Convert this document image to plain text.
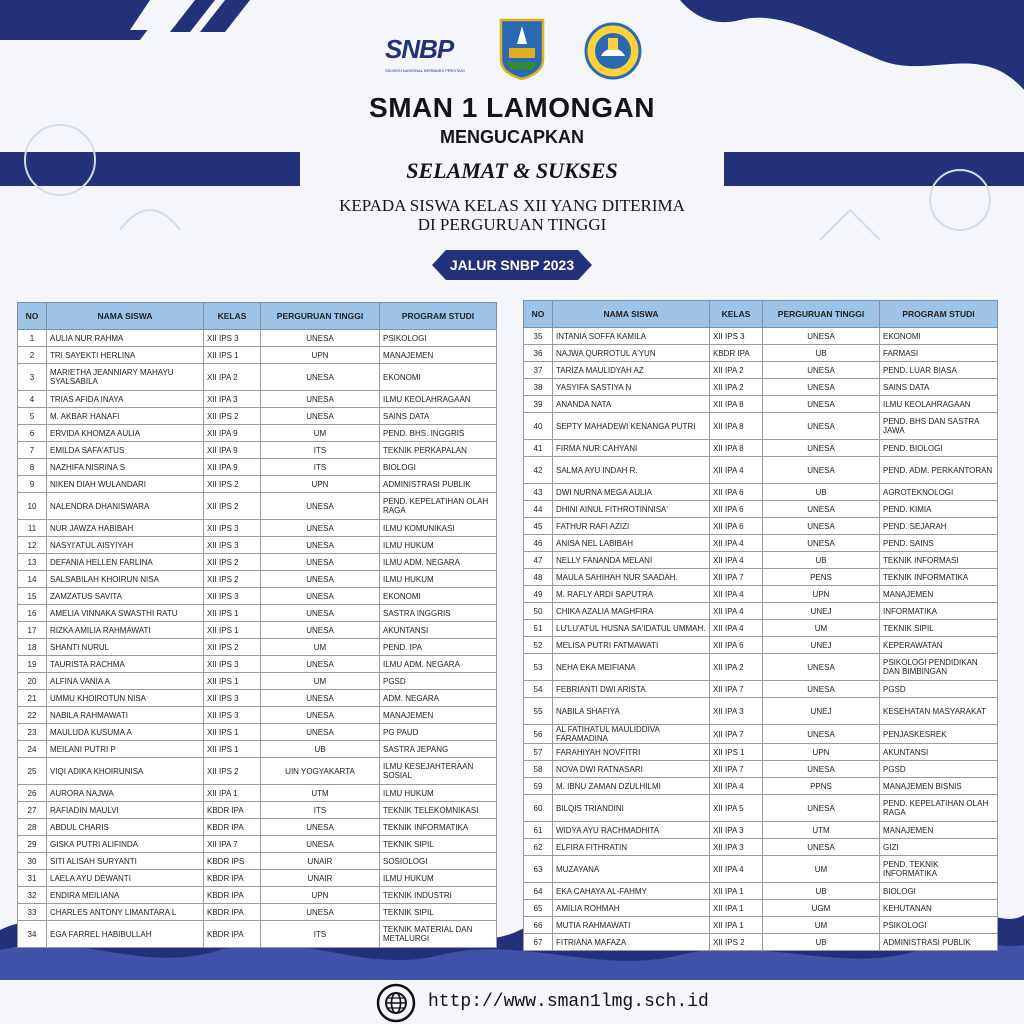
SNBP
SELEKSI NASIONAL BERBASIS PRESTASI
SMAN 1 LAMONGAN
MENGUCAPKAN
SELAMAT & SUKSES
KEPADA SISWA KELAS XII YANG DITERIMA
DI PERGURUAN TINGGI
JALUR SNBP 2023
NO	NAMA SISWA	KELAS	PERGURUAN TINGGI	PROGRAM STUDI
1	AULIA NUR RAHMA	XII IPS 3	UNESA	PSIKOLOGI
2	TRI SAYEKTI HERLINA	XII IPS 1	UPN	MANAJEMEN
3	MARIETHA JEANNIARY MAHAYU SYALSABILA	XII IPA 2	UNESA	EKONOMI
4	TRIAS AFIDA INAYA	XII IPA 3	UNESA	ILMU KEOLAHRAGAAN
5	M. AKBAR HANAFI	XII IPS 2	UNESA	SAINS DATA
6	ERVIDA KHOMZA AULIA	XII IPA 9	UM	PEND. BHS. INGGRIS
7	EMILDA SAFA'ATUS	XII IPA 9	ITS	TEKNIK PERKAPALAN
8	NAZHIFA NISRINA S	XII IPA 9	ITS	BIOLOGI
9	NIKEN DIAH WULANDARI	XII IPS 2	UPN	ADMINISTRASI PUBLIK
10	NALENDRA DHANISWARA	XII IPS 2	UNESA	PEND. KEPELATIHAN OLAH RAGA
11	NUR JAWZA HABIBAH	XII IPS 3	UNESA	ILMU KOMUNIKASI
12	NASYI'ATUL AISYIYAH	XII IPS 3	UNESA	ILMU HUKUM
13	DEFANIA HELLEN FARLINA	XII IPS 2	UNESA	ILMU ADM. NEGARA
14	SALSABILAH KHOIRUN NISA	XII IPS 2	UNESA	ILMU HUKUM
15	ZAMZATUS SAVITA	XII IPS 3	UNESA	EKONOMI
16	AMELIA VINNAKA SWASTHI RATU	XII IPS 1	UNESA	SASTRA INGGRIS
17	RIZKA AMILIA RAHMAWATI	XII IPS 1	UNESA	AKUNTANSI
18	SHANTI NURUL	XII IPS 2	UM	PEND. IPA
19	TAURISTA RACHMA	XII IPS 3	UNESA	ILMU ADM. NEGARA
20	ALFINA VANIA A	XII IPS 1	UM	PGSD
21	UMMU KHOIROTUN NISA	XII IPS 3	UNESA	ADM. NEGARA
22	NABILA RAHMAWATI	XII IPS 3	UNESA	MANAJEMEN
23	MAULUDA KUSUMA A	XII IPS 1	UNESA	PG PAUD
24	MEILANI PUTRI P	XII IPS 1	UB	SASTRA JEPANG
25	VIQI ADIKA KHOIRUNISA	XII IPS 2	UIN YOGYAKARTA	ILMU KESEJAHTERAAN SOSIAL
26	AURORA NAJWA	XII IPA 1	UTM	ILMU HUKUM
27	RAFIADIN MAULVI	KBDR IPA	ITS	TEKNIK TELEKOMNIKASI
28	ABDUL CHARIS	KBDR IPA	UNESA	TEKNIK INFORMATIKA
29	GISKA PUTRI ALIFINDA	XII IPA 7	UNESA	TEKNIK SIPIL
30	SITI ALISAH SURYANTI	KBDR IPS	UNAIR	SOSIOLOGI
31	LAELA AYU DEWANTI	KBDR IPA	UNAIR	ILMU HUKUM
32	ENDIRA MEILIANA	KBDR IPA	UPN	TEKNIK INDUSTRI
33	CHARLES ANTONY LIMANTARA L	KBDR IPA	UNESA	TEKNIK SIPIL
34	EGA FARREL HABIBULLAH	KBDR IPA	ITS	TEKNIK MATERIAL DAN METALURGI
NO	NAMA SISWA	KELAS	PERGURUAN TINGGI	PROGRAM STUDI
35	INTANIA SOFFA KAMILA	XII IPS 3	UNESA	EKONOMI
36	NAJWA QURROTUL A'YUN	KBDR IPA	UB	FARMASI
37	TARIZA MAULIDYAH AZ	XII IPA 2	UNESA	PEND. LUAR BIASA
38	YASYIFA SASTIYA N	XII IPA 2	UNESA	SAINS DATA
39	ANANDA NATA	XII IPA 8	UNESA	ILMU KEOLAHRAGAAN
40	SEPTY MAHADEWI KENANGA PUTRI	XII IPA 8	UNESA	PEND. BHS DAN SASTRA JAWA
41	FIRMA NUR CAHYANI	XII IPA 8	UNESA	PEND. BIOLOGI
42	SALMA AYU INDAH R.	XII IPA 4	UNESA	PEND. ADM. PERKANTORAN
43	DWI NURNA MEGA AULIA	XII IPA 6	UB	AGROTEKNOLOGI
44	DHINI AINUL FITHROTINNISA'	XII IPA 6	UNESA	PEND. KIMIA
45	FATHUR RAFI AZIZI	XII IPA 6	UNESA	PEND. SEJARAH
46	ANISA NEL LABIBAH	XII IPA 4	UNESA	PEND. SAINS
47	NELLY FANANDA MELANI	XII IPA 4	UB	TEKNIK INFORMASI
48	MAULA SAHIHAH NUR SAADAH.	XII IPA 7	PENS	TEKNIK INFORMATIKA
49	M. RAFLY ARDI SAPUTRA	XII IPA 4	UPN	MANAJEMEN
50	CHIKA AZALIA MAGHFIRA	XII IPA 4	UNEJ	INFORMATIKA
51	LU'LU'ATUL HUSNA SA'IDATUL UMMAH.	XII IPA 4	UM	TEKNIK SIPIL
52	MELISA PUTRI FATMAWATI	XII IPA 6	UNEJ	KEPERAWATAN
53	NEHA EKA MEIFIANA	XII IPA 2	UNESA	PSIKOLOGI PENDIDIKAN DAN BIMBINGAN
54	FEBRIANTI DWI ARISTA	XII IPA 7	UNESA	PGSD
55	NABILA SHAFIYA	XII IPA 3	UNEJ	KESEHATAN MASYARAKAT
56	AL FATIHATUL MAULIDDIVA FARAMADINA	XII IPA 7	UNESA	PENJASKESREK
57	FARAHIYAH NOVFITRI	XII IPS 1	UPN	AKUNTANSI
58	NOVA DWI RATNASARI	XII IPA 7	UNESA	PGSD
59	M. IBNU ZAMAN DZULHILMI	XII IPA 4	PPNS	MANAJEMEN BISNIS
60	BILQIS TRIANDINI	XII IPA 5	UNESA	PEND. KEPELATIHAN OLAH RAGA
61	WIDYA AYU RACHMADHITA	XII IPA 3	UTM	MANAJEMEN
62	ELFIRA FITHRATIN	XII IPA 3	UNESA	GIZI
63	MUZAYANA	XII IPA 4	UM	PEND. TEKNIK INFORMATIKA
64	EKA CAHAYA AL-FAHMY	XII IPA 1	UB	BIOLOGI
65	AMILIA ROHMAH	XII IPA 1	UGM	KEHUTANAN
66	MUTIA RAHMAWATI	XII IPA 1	UM	PSIKOLOGI
67	FITRIANA MAFAZA	XII IPS 2	UB	ADMINISTRASI PUBLIK
http://www.sman1lmg.sch.id
